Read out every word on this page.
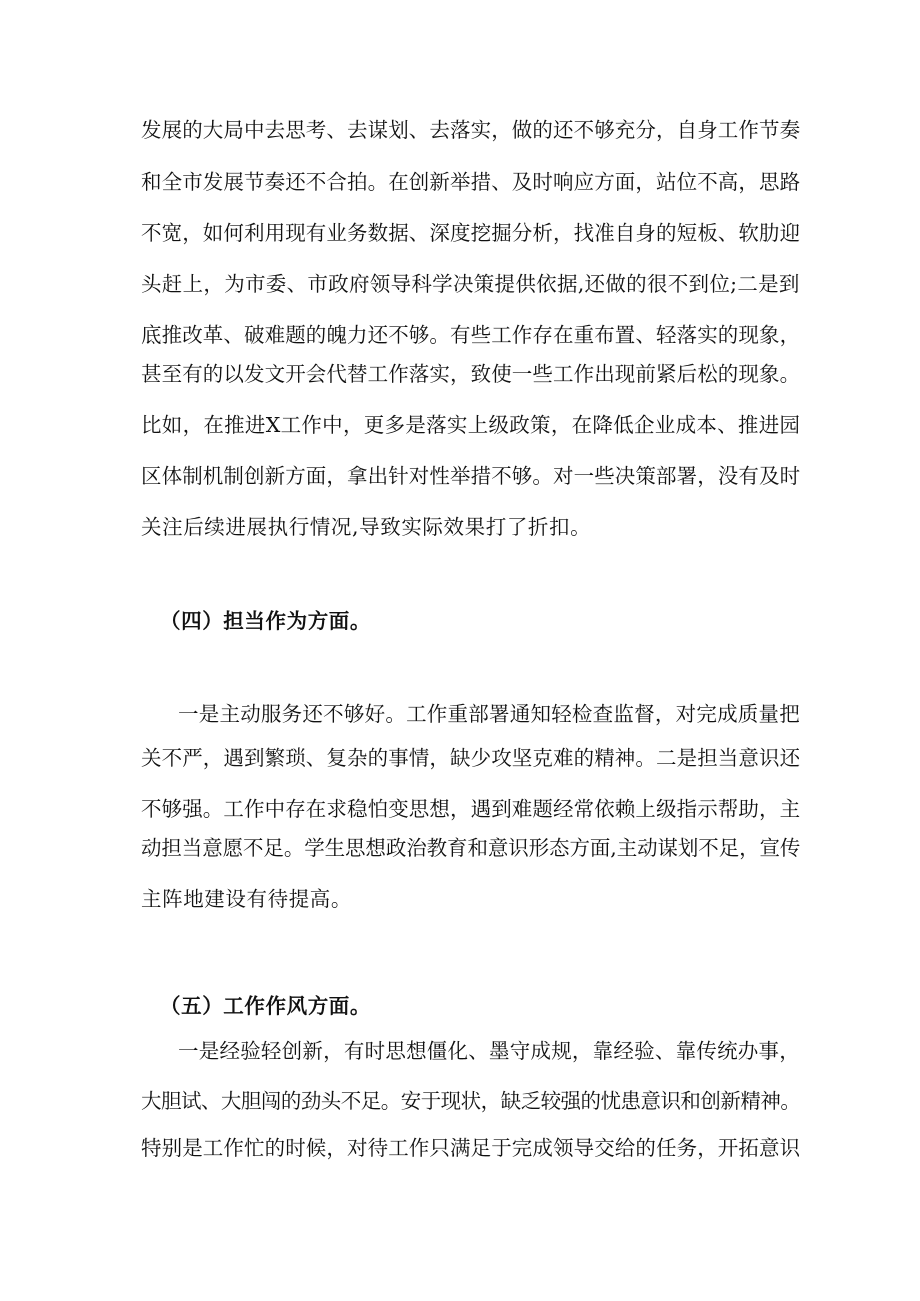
发展的大局中去思考、去谋划、去落实，做的还不够充分，自身工作节奏
和全市发展节奏还不合拍。在创新举措、及时响应方面，站位不高，思路
不宽，如何利用现有业务数据、深度挖掘分析，找准自身的短板、软肋迎
头赶上，为市委、市政府领导科学决策提供依据,还做的很不到位;二是到
底推改革、破难题的魄力还不够。有些工作存在重布置、轻落实的现象，
甚至有的以发文开会代替工作落实，致使一些工作出现前紧后松的现象。
比如，在推进X工作中，更多是落实上级政策，在降低企业成本、推进园
区体制机制创新方面，拿出针对性举措不够。对一些决策部署，没有及时
关注后续进展执行情况,导致实际效果打了折扣。
（四）担当作为方面。
一是主动服务还不够好。工作重部署通知轻检查监督，对完成质量把
关不严，遇到繁琐、复杂的事情，缺少攻坚克难的精神。二是担当意识还
不够强。工作中存在求稳怕变思想，遇到难题经常依赖上级指示帮助，主
动担当意愿不足。学生思想政治教育和意识形态方面,主动谋划不足，宣传
主阵地建设有待提高。
（五）工作作风方面。
一是经验轻创新，有时思想僵化、墨守成规，靠经验、靠传统办事，
大胆试、大胆闯的劲头不足。安于现状，缺乏较强的忧患意识和创新精神。
特别是工作忙的时候，对待工作只满足于完成领导交给的任务，开拓意识
